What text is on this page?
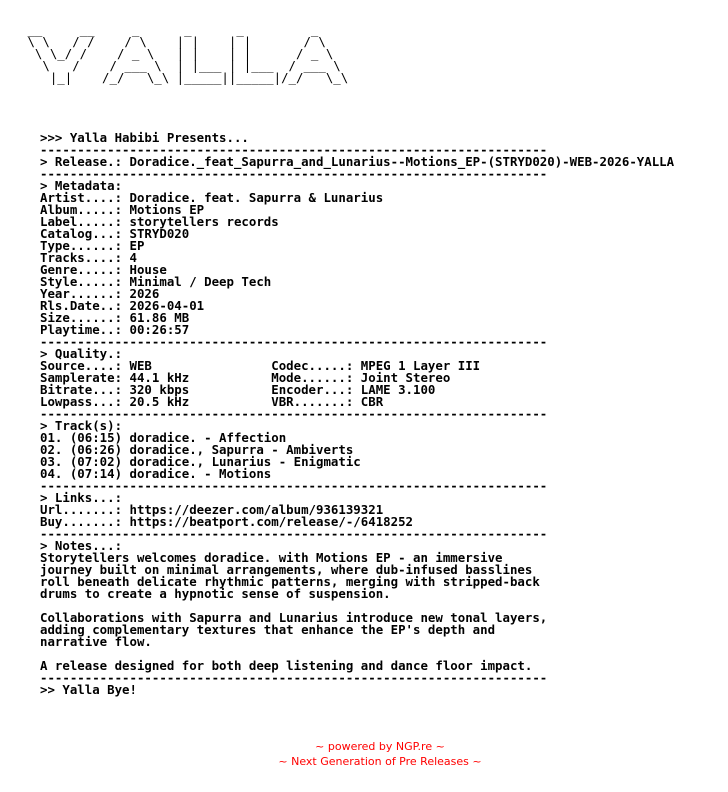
__     __     _      _      _         _
\ \   / /    / \    | |    | |       / \
\ \_/ /    / _ \   | |    | |      / _ \
\   /    / ___ \  | |___ | |___  / ___ \
|_|    /_/   \_\ |_____||_____|/_/   \_\
>>> Yalla Habibi Presents...
--------------------------------------------------------------------
> Release.: Doradice._feat_Sapurra_and_Lunarius--Motions_EP-(STRYD020)-WEB-2026-YALLA
--------------------------------------------------------------------
> Metadata:
Artist....: Doradice. feat. Sapurra & Lunarius
Album.....: Motions EP
Label.....: storytellers records
Catalog...: STRYD020
Type......: EP
Tracks....: 4
Genre.....: House
Style.....: Minimal / Deep Tech
Year......: 2026
Rls.Date..: 2026-04-01
Size......: 61.86 MB
Playtime..: 00:26:57
--------------------------------------------------------------------
> Quality.:
Source....: WEB                Codec.....: MPEG 1 Layer III
Samplerate: 44.1 kHz           Mode......: Joint Stereo
Bitrate...: 320 kbps           Encoder...: LAME 3.100
Lowpass...: 20.5 kHz           VBR.......: CBR
--------------------------------------------------------------------
> Track(s):
01. (06:15) doradice. - Affection
02. (06:26) doradice., Sapurra - Ambiverts
03. (07:02) doradice., Lunarius - Enigmatic
04. (07:14) doradice. - Motions
--------------------------------------------------------------------
> Links...:
Url.......: https://deezer.com/album/936139321
Buy.......: https://beatport.com/release/-/6418252
--------------------------------------------------------------------
> Notes...:
Storytellers welcomes doradice. with Motions EP - an immersive
journey built on minimal arrangements, where dub-infused basslines
roll beneath delicate rhythmic patterns, merging with stripped-back
drums to create a hypnotic sense of suspension.

Collaborations with Sapurra and Lunarius introduce new tonal layers,
adding complementary textures that enhance the EP's depth and
narrative flow.

A release designed for both deep listening and dance floor impact.
--------------------------------------------------------------------
>> Yalla Bye!
~ powered by NGP.re ~
~ Next Generation of Pre Releases ~
